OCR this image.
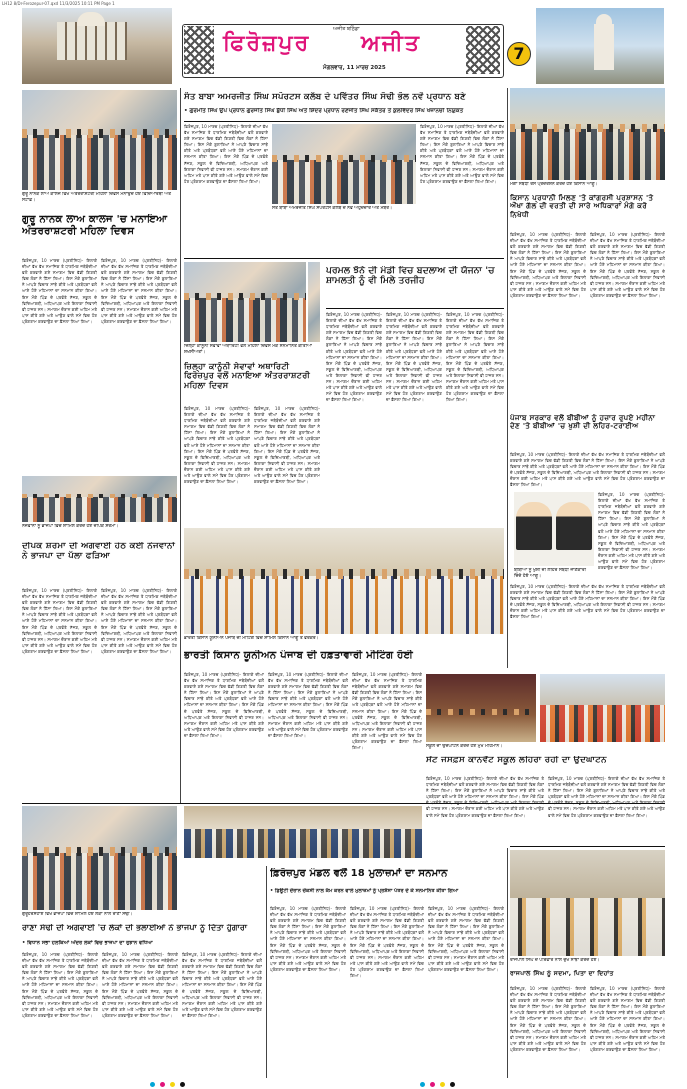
LH12 8/Dr-Ferozepur-07.qxd 11/3/2025 10:11 PM Page 1
ਅਜੀਤ ਬਠਿੰਡਾ
ਫਿਰੋਜ਼ਪੁਰ ਅਜੀਤ
ਮੰਗਲਵਾਰ, 11 ਮਾਰਚ 2025
7
ਗੁਰੂ ਨਾਨਕ ਲਾਅ ਕਾਲਜ ਵਿਖੇ ਅੰਤਰਰਾਸ਼ਟਰੀ ਮਹਿਲਾ ਦਿਵਸ ਮਨਾਉਂਦੇ ਹੋਏ ਵਿਦਿਆਰਥੀ ਅਤੇ ਸਟਾਫ਼।
ਗੁਰੂ ਨਾਨਕ ਲਾਅ ਕਾਲਜ 'ਚ ਮਨਾਇਆ ਅੰਤਰਰਾਸ਼ਟਰੀ ਮਹਿਲਾ ਦਿਵਸ
ਫ਼ਿਰੋਜ਼ਪੁਰ, 10 ਮਾਰਚ (ਪ੍ਰਤੀਨਿਧ)- ਇਲਾਕੇ ਦੀਆਂ ਵੱਖ ਵੱਖ ਸਮਾਜਿਕ ਤੇ ਧਾਰਮਿਕ ਜਥੇਬੰਦੀਆਂ ਵਲੋਂ ਕਰਵਾਏ ਗਏ ਸਮਾਗਮ ਵਿਚ ਵੱਡੀ ਗਿਣਤੀ ਵਿਚ ਲੋਕਾਂ ਨੇ ਹਿੱਸਾ ਲਿਆ। ਇਸ ਮੌਕੇ ਬੁਲਾਰਿਆਂ ਨੇ ਆਪਣੇ ਵਿਚਾਰ ਸਾਂਝੇ ਕੀਤੇ ਅਤੇ ਪ੍ਰਬੰਧਕਾਂ ਵਲੋਂ ਆਏ ਹੋਏ ਮਹਿਮਾਨਾਂ ਦਾ ਸਨਮਾਨ ਕੀਤਾ ਗਿਆ। ਇਸ ਮੌਕੇ ਪਿੰਡ ਦੇ ਪਤਵੰਤੇ ਸੱਜਣ, ਸਕੂਲ ਦੇ ਵਿਦਿਆਰਥੀ, ਅਧਿਆਪਕ ਅਤੇ ਇਲਾਕਾ ਨਿਵਾਸੀ ਵੀ ਹਾਜ਼ਰ ਸਨ। ਸਮਾਗਮ ਦੌਰਾਨ ਕਈ ਅਹਿਮ ਮਤੇ ਪਾਸ ਕੀਤੇ ਗਏ ਅਤੇ ਆਉਣ ਵਾਲੇ ਸਮੇਂ ਵਿਚ ਹੋਰ ਪ੍ਰੋਗਰਾਮ ਕਰਵਾਉਣ ਦਾ ਫ਼ੈਸਲਾ ਲਿਆ ਗਿਆ।
ਫ਼ਿਰੋਜ਼ਪੁਰ, 10 ਮਾਰਚ (ਪ੍ਰਤੀਨਿਧ)- ਇਲਾਕੇ ਦੀਆਂ ਵੱਖ ਵੱਖ ਸਮਾਜਿਕ ਤੇ ਧਾਰਮਿਕ ਜਥੇਬੰਦੀਆਂ ਵਲੋਂ ਕਰਵਾਏ ਗਏ ਸਮਾਗਮ ਵਿਚ ਵੱਡੀ ਗਿਣਤੀ ਵਿਚ ਲੋਕਾਂ ਨੇ ਹਿੱਸਾ ਲਿਆ। ਇਸ ਮੌਕੇ ਬੁਲਾਰਿਆਂ ਨੇ ਆਪਣੇ ਵਿਚਾਰ ਸਾਂਝੇ ਕੀਤੇ ਅਤੇ ਪ੍ਰਬੰਧਕਾਂ ਵਲੋਂ ਆਏ ਹੋਏ ਮਹਿਮਾਨਾਂ ਦਾ ਸਨਮਾਨ ਕੀਤਾ ਗਿਆ। ਇਸ ਮੌਕੇ ਪਿੰਡ ਦੇ ਪਤਵੰਤੇ ਸੱਜਣ, ਸਕੂਲ ਦੇ ਵਿਦਿਆਰਥੀ, ਅਧਿਆਪਕ ਅਤੇ ਇਲਾਕਾ ਨਿਵਾਸੀ ਵੀ ਹਾਜ਼ਰ ਸਨ। ਸਮਾਗਮ ਦੌਰਾਨ ਕਈ ਅਹਿਮ ਮਤੇ ਪਾਸ ਕੀਤੇ ਗਏ ਅਤੇ ਆਉਣ ਵਾਲੇ ਸਮੇਂ ਵਿਚ ਹੋਰ ਪ੍ਰੋਗਰਾਮ ਕਰਵਾਉਣ ਦਾ ਫ਼ੈਸਲਾ ਲਿਆ ਗਿਆ।
ਨੌਜਵਾਨਾਂ ਨੂੰ ਭਾਜਪਾ ਵਿਚ ਸ਼ਾਮਿਲ ਕਰਦੇ ਹੋਏ ਦੀਪਕ ਸ਼ਰਮਾ।
ਸੰਤ ਬਾਬਾ ਅਮਰਜੀਤ ਸਿੰਘ ਸਪੋਰਟਸ ਕਲੱਬ ਦੇ ਪਵਿੱਤਰ ਸਿੰਘ ਸੋਢੀ ਭੋਲ ਨਵੇਂ ਪ੍ਰਧਾਨ ਬਣੇ
• ਗੁਰਮੀਤ ਸਿੰਘ ਉਪ ਪ੍ਰਧਾਨ ਗੁਰਜੀਤ ਸਿੰਘ ਬੁੱਧੀ ਸਿੰਘ ਅਤੇ ਸ਼ਿੰਦਰ ਪ੍ਰਧਾਨ ਰਣਜੀਤ ਸਿੰਘ ਸਕੱਤਰ ਤੇ ਕੁਲਵਿੰਦਰ ਸਿੰਘ ਖਜ਼ਾਨਚੀ ਨਿਯੁਕਤ
ਫ਼ਿਰੋਜ਼ਪੁਰ, 10 ਮਾਰਚ (ਪ੍ਰਤੀਨਿਧ)- ਇਲਾਕੇ ਦੀਆਂ ਵੱਖ ਵੱਖ ਸਮਾਜਿਕ ਤੇ ਧਾਰਮਿਕ ਜਥੇਬੰਦੀਆਂ ਵਲੋਂ ਕਰਵਾਏ ਗਏ ਸਮਾਗਮ ਵਿਚ ਵੱਡੀ ਗਿਣਤੀ ਵਿਚ ਲੋਕਾਂ ਨੇ ਹਿੱਸਾ ਲਿਆ। ਇਸ ਮੌਕੇ ਬੁਲਾਰਿਆਂ ਨੇ ਆਪਣੇ ਵਿਚਾਰ ਸਾਂਝੇ ਕੀਤੇ ਅਤੇ ਪ੍ਰਬੰਧਕਾਂ ਵਲੋਂ ਆਏ ਹੋਏ ਮਹਿਮਾਨਾਂ ਦਾ ਸਨਮਾਨ ਕੀਤਾ ਗਿਆ। ਇਸ ਮੌਕੇ ਪਿੰਡ ਦੇ ਪਤਵੰਤੇ ਸੱਜਣ, ਸਕੂਲ ਦੇ ਵਿਦਿਆਰਥੀ, ਅਧਿਆਪਕ ਅਤੇ ਇਲਾਕਾ ਨਿਵਾਸੀ ਵੀ ਹਾਜ਼ਰ ਸਨ। ਸਮਾਗਮ ਦੌਰਾਨ ਕਈ ਅਹਿਮ ਮਤੇ ਪਾਸ ਕੀਤੇ ਗਏ ਅਤੇ ਆਉਣ ਵਾਲੇ ਸਮੇਂ ਵਿਚ ਹੋਰ ਪ੍ਰੋਗਰਾਮ ਕਰਵਾਉਣ ਦਾ ਫ਼ੈਸਲਾ ਲਿਆ ਗਿਆ।
ਸੰਤ ਬਾਬਾ ਅਮਰਜੀਤ ਸਿੰਘ ਸਪੋਰਟਸ ਕਲੱਬ ਦੇ ਨਵੇਂ ਅਹੁਦੇਦਾਰ ਅਤੇ ਮੈਂਬਰ।
ਫ਼ਿਰੋਜ਼ਪੁਰ, 10 ਮਾਰਚ (ਪ੍ਰਤੀਨਿਧ)- ਇਲਾਕੇ ਦੀਆਂ ਵੱਖ ਵੱਖ ਸਮਾਜਿਕ ਤੇ ਧਾਰਮਿਕ ਜਥੇਬੰਦੀਆਂ ਵਲੋਂ ਕਰਵਾਏ ਗਏ ਸਮਾਗਮ ਵਿਚ ਵੱਡੀ ਗਿਣਤੀ ਵਿਚ ਲੋਕਾਂ ਨੇ ਹਿੱਸਾ ਲਿਆ। ਇਸ ਮੌਕੇ ਬੁਲਾਰਿਆਂ ਨੇ ਆਪਣੇ ਵਿਚਾਰ ਸਾਂਝੇ ਕੀਤੇ ਅਤੇ ਪ੍ਰਬੰਧਕਾਂ ਵਲੋਂ ਆਏ ਹੋਏ ਮਹਿਮਾਨਾਂ ਦਾ ਸਨਮਾਨ ਕੀਤਾ ਗਿਆ। ਇਸ ਮੌਕੇ ਪਿੰਡ ਦੇ ਪਤਵੰਤੇ ਸੱਜਣ, ਸਕੂਲ ਦੇ ਵਿਦਿਆਰਥੀ, ਅਧਿਆਪਕ ਅਤੇ ਇਲਾਕਾ ਨਿਵਾਸੀ ਵੀ ਹਾਜ਼ਰ ਸਨ। ਸਮਾਗਮ ਦੌਰਾਨ ਕਈ ਅਹਿਮ ਮਤੇ ਪਾਸ ਕੀਤੇ ਗਏ ਅਤੇ ਆਉਣ ਵਾਲੇ ਸਮੇਂ ਵਿਚ ਹੋਰ ਪ੍ਰੋਗਰਾਮ ਕਰਵਾਉਣ ਦਾ ਫ਼ੈਸਲਾ ਲਿਆ ਗਿਆ।
ਮੰਗਾਂ ਸਬੰਧੀ ਰੋਸ ਪ੍ਰਦਰਸ਼ਨ ਕਰਦੇ ਹੋਏ ਕਿਸਾਨ ਆਗੂ।
ਕਿਸਾਨ ਪ੍ਰਧਾਨੀ ਮਿਲਣ 'ਤੇ ਕਾਂਗਰਸੀ ਪ੍ਰਸ਼ਾਸਨ 'ਤੇ ਔਖਾ ਗੱਲ ਦੀ ਵਰਤੀ ਦੀ ਸਾਰੇ ਅਧਿਕਾਰਾਂ ਮੰਗੇ ਕਰੋ ਨਿਖੇਧੀ
ਫ਼ਿਰੋਜ਼ਪੁਰ, 10 ਮਾਰਚ (ਪ੍ਰਤੀਨਿਧ)- ਇਲਾਕੇ ਦੀਆਂ ਵੱਖ ਵੱਖ ਸਮਾਜਿਕ ਤੇ ਧਾਰਮਿਕ ਜਥੇਬੰਦੀਆਂ ਵਲੋਂ ਕਰਵਾਏ ਗਏ ਸਮਾਗਮ ਵਿਚ ਵੱਡੀ ਗਿਣਤੀ ਵਿਚ ਲੋਕਾਂ ਨੇ ਹਿੱਸਾ ਲਿਆ। ਇਸ ਮੌਕੇ ਬੁਲਾਰਿਆਂ ਨੇ ਆਪਣੇ ਵਿਚਾਰ ਸਾਂਝੇ ਕੀਤੇ ਅਤੇ ਪ੍ਰਬੰਧਕਾਂ ਵਲੋਂ ਆਏ ਹੋਏ ਮਹਿਮਾਨਾਂ ਦਾ ਸਨਮਾਨ ਕੀਤਾ ਗਿਆ। ਇਸ ਮੌਕੇ ਪਿੰਡ ਦੇ ਪਤਵੰਤੇ ਸੱਜਣ, ਸਕੂਲ ਦੇ ਵਿਦਿਆਰਥੀ, ਅਧਿਆਪਕ ਅਤੇ ਇਲਾਕਾ ਨਿਵਾਸੀ ਵੀ ਹਾਜ਼ਰ ਸਨ। ਸਮਾਗਮ ਦੌਰਾਨ ਕਈ ਅਹਿਮ ਮਤੇ ਪਾਸ ਕੀਤੇ ਗਏ ਅਤੇ ਆਉਣ ਵਾਲੇ ਸਮੇਂ ਵਿਚ ਹੋਰ ਪ੍ਰੋਗਰਾਮ ਕਰਵਾਉਣ ਦਾ ਫ਼ੈਸਲਾ ਲਿਆ ਗਿਆ।
ਫ਼ਿਰੋਜ਼ਪੁਰ, 10 ਮਾਰਚ (ਪ੍ਰਤੀਨਿਧ)- ਇਲਾਕੇ ਦੀਆਂ ਵੱਖ ਵੱਖ ਸਮਾਜਿਕ ਤੇ ਧਾਰਮਿਕ ਜਥੇਬੰਦੀਆਂ ਵਲੋਂ ਕਰਵਾਏ ਗਏ ਸਮਾਗਮ ਵਿਚ ਵੱਡੀ ਗਿਣਤੀ ਵਿਚ ਲੋਕਾਂ ਨੇ ਹਿੱਸਾ ਲਿਆ। ਇਸ ਮੌਕੇ ਬੁਲਾਰਿਆਂ ਨੇ ਆਪਣੇ ਵਿਚਾਰ ਸਾਂਝੇ ਕੀਤੇ ਅਤੇ ਪ੍ਰਬੰਧਕਾਂ ਵਲੋਂ ਆਏ ਹੋਏ ਮਹਿਮਾਨਾਂ ਦਾ ਸਨਮਾਨ ਕੀਤਾ ਗਿਆ। ਇਸ ਮੌਕੇ ਪਿੰਡ ਦੇ ਪਤਵੰਤੇ ਸੱਜਣ, ਸਕੂਲ ਦੇ ਵਿਦਿਆਰਥੀ, ਅਧਿਆਪਕ ਅਤੇ ਇਲਾਕਾ ਨਿਵਾਸੀ ਵੀ ਹਾਜ਼ਰ ਸਨ। ਸਮਾਗਮ ਦੌਰਾਨ ਕਈ ਅਹਿਮ ਮਤੇ ਪਾਸ ਕੀਤੇ ਗਏ ਅਤੇ ਆਉਣ ਵਾਲੇ ਸਮੇਂ ਵਿਚ ਹੋਰ ਪ੍ਰੋਗਰਾਮ ਕਰਵਾਉਣ ਦਾ ਫ਼ੈਸਲਾ ਲਿਆ ਗਿਆ।
ਜ਼ਿਲ੍ਹਾ ਕਾਨੂੰਨੀ ਸੇਵਾਵਾਂ ਅਥਾਰਿਟੀ ਵਲੋਂ ਮਹਿਲਾ ਦਿਵਸ ਮੌਕੇ ਸਨਮਾਨਿਤ ਕੀਤੀਆਂ ਸ਼ਖਸੀਅਤਾਂ।
ਜ਼ਿਲ੍ਹਾ ਕਾਨੂੰਨੀ ਸੇਵਾਵਾਂ ਅਥਾਰਿਟੀ ਫਿਰੋਜ਼ਪੁਰ ਵਲੋਂ ਮਨਾਇਆ ਅੰਤਰਰਾਸ਼ਟਰੀ ਮਹਿਲਾ ਦਿਵਸ
ਫ਼ਿਰੋਜ਼ਪੁਰ, 10 ਮਾਰਚ (ਪ੍ਰਤੀਨਿਧ)- ਇਲਾਕੇ ਦੀਆਂ ਵੱਖ ਵੱਖ ਸਮਾਜਿਕ ਤੇ ਧਾਰਮਿਕ ਜਥੇਬੰਦੀਆਂ ਵਲੋਂ ਕਰਵਾਏ ਗਏ ਸਮਾਗਮ ਵਿਚ ਵੱਡੀ ਗਿਣਤੀ ਵਿਚ ਲੋਕਾਂ ਨੇ ਹਿੱਸਾ ਲਿਆ। ਇਸ ਮੌਕੇ ਬੁਲਾਰਿਆਂ ਨੇ ਆਪਣੇ ਵਿਚਾਰ ਸਾਂਝੇ ਕੀਤੇ ਅਤੇ ਪ੍ਰਬੰਧਕਾਂ ਵਲੋਂ ਆਏ ਹੋਏ ਮਹਿਮਾਨਾਂ ਦਾ ਸਨਮਾਨ ਕੀਤਾ ਗਿਆ। ਇਸ ਮੌਕੇ ਪਿੰਡ ਦੇ ਪਤਵੰਤੇ ਸੱਜਣ, ਸਕੂਲ ਦੇ ਵਿਦਿਆਰਥੀ, ਅਧਿਆਪਕ ਅਤੇ ਇਲਾਕਾ ਨਿਵਾਸੀ ਵੀ ਹਾਜ਼ਰ ਸਨ। ਸਮਾਗਮ ਦੌਰਾਨ ਕਈ ਅਹਿਮ ਮਤੇ ਪਾਸ ਕੀਤੇ ਗਏ ਅਤੇ ਆਉਣ ਵਾਲੇ ਸਮੇਂ ਵਿਚ ਹੋਰ ਪ੍ਰੋਗਰਾਮ ਕਰਵਾਉਣ ਦਾ ਫ਼ੈਸਲਾ ਲਿਆ ਗਿਆ।
ਫ਼ਿਰੋਜ਼ਪੁਰ, 10 ਮਾਰਚ (ਪ੍ਰਤੀਨਿਧ)- ਇਲਾਕੇ ਦੀਆਂ ਵੱਖ ਵੱਖ ਸਮਾਜਿਕ ਤੇ ਧਾਰਮਿਕ ਜਥੇਬੰਦੀਆਂ ਵਲੋਂ ਕਰਵਾਏ ਗਏ ਸਮਾਗਮ ਵਿਚ ਵੱਡੀ ਗਿਣਤੀ ਵਿਚ ਲੋਕਾਂ ਨੇ ਹਿੱਸਾ ਲਿਆ। ਇਸ ਮੌਕੇ ਬੁਲਾਰਿਆਂ ਨੇ ਆਪਣੇ ਵਿਚਾਰ ਸਾਂਝੇ ਕੀਤੇ ਅਤੇ ਪ੍ਰਬੰਧਕਾਂ ਵਲੋਂ ਆਏ ਹੋਏ ਮਹਿਮਾਨਾਂ ਦਾ ਸਨਮਾਨ ਕੀਤਾ ਗਿਆ। ਇਸ ਮੌਕੇ ਪਿੰਡ ਦੇ ਪਤਵੰਤੇ ਸੱਜਣ, ਸਕੂਲ ਦੇ ਵਿਦਿਆਰਥੀ, ਅਧਿਆਪਕ ਅਤੇ ਇਲਾਕਾ ਨਿਵਾਸੀ ਵੀ ਹਾਜ਼ਰ ਸਨ। ਸਮਾਗਮ ਦੌਰਾਨ ਕਈ ਅਹਿਮ ਮਤੇ ਪਾਸ ਕੀਤੇ ਗਏ ਅਤੇ ਆਉਣ ਵਾਲੇ ਸਮੇਂ ਵਿਚ ਹੋਰ ਪ੍ਰੋਗਰਾਮ ਕਰਵਾਉਣ ਦਾ ਫ਼ੈਸਲਾ ਲਿਆ ਗਿਆ।
ਪਰਮਲ ਝੋਨੇ ਦੀ ਮੰਡੀ ਵਿਚ ਬਦਲਾਅ ਦੀ ਯੋਜਨਾ 'ਚ ਸ਼ਾਮਲਤੀ ਨੂੰ ਵੀ ਮਿਲੇ ਤਰਜੀਹ
ਫ਼ਿਰੋਜ਼ਪੁਰ, 10 ਮਾਰਚ (ਪ੍ਰਤੀਨਿਧ)- ਇਲਾਕੇ ਦੀਆਂ ਵੱਖ ਵੱਖ ਸਮਾਜਿਕ ਤੇ ਧਾਰਮਿਕ ਜਥੇਬੰਦੀਆਂ ਵਲੋਂ ਕਰਵਾਏ ਗਏ ਸਮਾਗਮ ਵਿਚ ਵੱਡੀ ਗਿਣਤੀ ਵਿਚ ਲੋਕਾਂ ਨੇ ਹਿੱਸਾ ਲਿਆ। ਇਸ ਮੌਕੇ ਬੁਲਾਰਿਆਂ ਨੇ ਆਪਣੇ ਵਿਚਾਰ ਸਾਂਝੇ ਕੀਤੇ ਅਤੇ ਪ੍ਰਬੰਧਕਾਂ ਵਲੋਂ ਆਏ ਹੋਏ ਮਹਿਮਾਨਾਂ ਦਾ ਸਨਮਾਨ ਕੀਤਾ ਗਿਆ। ਇਸ ਮੌਕੇ ਪਿੰਡ ਦੇ ਪਤਵੰਤੇ ਸੱਜਣ, ਸਕੂਲ ਦੇ ਵਿਦਿਆਰਥੀ, ਅਧਿਆਪਕ ਅਤੇ ਇਲਾਕਾ ਨਿਵਾਸੀ ਵੀ ਹਾਜ਼ਰ ਸਨ। ਸਮਾਗਮ ਦੌਰਾਨ ਕਈ ਅਹਿਮ ਮਤੇ ਪਾਸ ਕੀਤੇ ਗਏ ਅਤੇ ਆਉਣ ਵਾਲੇ ਸਮੇਂ ਵਿਚ ਹੋਰ ਪ੍ਰੋਗਰਾਮ ਕਰਵਾਉਣ ਦਾ ਫ਼ੈਸਲਾ ਲਿਆ ਗਿਆ।
ਫ਼ਿਰੋਜ਼ਪੁਰ, 10 ਮਾਰਚ (ਪ੍ਰਤੀਨਿਧ)- ਇਲਾਕੇ ਦੀਆਂ ਵੱਖ ਵੱਖ ਸਮਾਜਿਕ ਤੇ ਧਾਰਮਿਕ ਜਥੇਬੰਦੀਆਂ ਵਲੋਂ ਕਰਵਾਏ ਗਏ ਸਮਾਗਮ ਵਿਚ ਵੱਡੀ ਗਿਣਤੀ ਵਿਚ ਲੋਕਾਂ ਨੇ ਹਿੱਸਾ ਲਿਆ। ਇਸ ਮੌਕੇ ਬੁਲਾਰਿਆਂ ਨੇ ਆਪਣੇ ਵਿਚਾਰ ਸਾਂਝੇ ਕੀਤੇ ਅਤੇ ਪ੍ਰਬੰਧਕਾਂ ਵਲੋਂ ਆਏ ਹੋਏ ਮਹਿਮਾਨਾਂ ਦਾ ਸਨਮਾਨ ਕੀਤਾ ਗਿਆ। ਇਸ ਮੌਕੇ ਪਿੰਡ ਦੇ ਪਤਵੰਤੇ ਸੱਜਣ, ਸਕੂਲ ਦੇ ਵਿਦਿਆਰਥੀ, ਅਧਿਆਪਕ ਅਤੇ ਇਲਾਕਾ ਨਿਵਾਸੀ ਵੀ ਹਾਜ਼ਰ ਸਨ। ਸਮਾਗਮ ਦੌਰਾਨ ਕਈ ਅਹਿਮ ਮਤੇ ਪਾਸ ਕੀਤੇ ਗਏ ਅਤੇ ਆਉਣ ਵਾਲੇ ਸਮੇਂ ਵਿਚ ਹੋਰ ਪ੍ਰੋਗਰਾਮ ਕਰਵਾਉਣ ਦਾ ਫ਼ੈਸਲਾ ਲਿਆ ਗਿਆ।
ਫ਼ਿਰੋਜ਼ਪੁਰ, 10 ਮਾਰਚ (ਪ੍ਰਤੀਨਿਧ)- ਇਲਾਕੇ ਦੀਆਂ ਵੱਖ ਵੱਖ ਸਮਾਜਿਕ ਤੇ ਧਾਰਮਿਕ ਜਥੇਬੰਦੀਆਂ ਵਲੋਂ ਕਰਵਾਏ ਗਏ ਸਮਾਗਮ ਵਿਚ ਵੱਡੀ ਗਿਣਤੀ ਵਿਚ ਲੋਕਾਂ ਨੇ ਹਿੱਸਾ ਲਿਆ। ਇਸ ਮੌਕੇ ਬੁਲਾਰਿਆਂ ਨੇ ਆਪਣੇ ਵਿਚਾਰ ਸਾਂਝੇ ਕੀਤੇ ਅਤੇ ਪ੍ਰਬੰਧਕਾਂ ਵਲੋਂ ਆਏ ਹੋਏ ਮਹਿਮਾਨਾਂ ਦਾ ਸਨਮਾਨ ਕੀਤਾ ਗਿਆ। ਇਸ ਮੌਕੇ ਪਿੰਡ ਦੇ ਪਤਵੰਤੇ ਸੱਜਣ, ਸਕੂਲ ਦੇ ਵਿਦਿਆਰਥੀ, ਅਧਿਆਪਕ ਅਤੇ ਇਲਾਕਾ ਨਿਵਾਸੀ ਵੀ ਹਾਜ਼ਰ ਸਨ। ਸਮਾਗਮ ਦੌਰਾਨ ਕਈ ਅਹਿਮ ਮਤੇ ਪਾਸ ਕੀਤੇ ਗਏ ਅਤੇ ਆਉਣ ਵਾਲੇ ਸਮੇਂ ਵਿਚ ਹੋਰ ਪ੍ਰੋਗਰਾਮ ਕਰਵਾਉਣ ਦਾ ਫ਼ੈਸਲਾ ਲਿਆ ਗਿਆ।
ਪੰਜਾਬ ਸਰਕਾਰ ਵਲੋਂ ਬੀਬੀਆਂ ਨੂੰ ਹਜ਼ਾਰ ਰੁਪਏ ਮਹੀਨਾ ਦੇਣ 'ਤੇ ਬੀਬੀਆਂ 'ਚ ਖੁਸ਼ੀ ਦੀ ਲਹਿਰ-ਟਰਾਈਅ
ਫ਼ਿਰੋਜ਼ਪੁਰ, 10 ਮਾਰਚ (ਪ੍ਰਤੀਨਿਧ)- ਇਲਾਕੇ ਦੀਆਂ ਵੱਖ ਵੱਖ ਸਮਾਜਿਕ ਤੇ ਧਾਰਮਿਕ ਜਥੇਬੰਦੀਆਂ ਵਲੋਂ ਕਰਵਾਏ ਗਏ ਸਮਾਗਮ ਵਿਚ ਵੱਡੀ ਗਿਣਤੀ ਵਿਚ ਲੋਕਾਂ ਨੇ ਹਿੱਸਾ ਲਿਆ। ਇਸ ਮੌਕੇ ਬੁਲਾਰਿਆਂ ਨੇ ਆਪਣੇ ਵਿਚਾਰ ਸਾਂਝੇ ਕੀਤੇ ਅਤੇ ਪ੍ਰਬੰਧਕਾਂ ਵਲੋਂ ਆਏ ਹੋਏ ਮਹਿਮਾਨਾਂ ਦਾ ਸਨਮਾਨ ਕੀਤਾ ਗਿਆ। ਇਸ ਮੌਕੇ ਪਿੰਡ ਦੇ ਪਤਵੰਤੇ ਸੱਜਣ, ਸਕੂਲ ਦੇ ਵਿਦਿਆਰਥੀ, ਅਧਿਆਪਕ ਅਤੇ ਇਲਾਕਾ ਨਿਵਾਸੀ ਵੀ ਹਾਜ਼ਰ ਸਨ। ਸਮਾਗਮ ਦੌਰਾਨ ਕਈ ਅਹਿਮ ਮਤੇ ਪਾਸ ਕੀਤੇ ਗਏ ਅਤੇ ਆਉਣ ਵਾਲੇ ਸਮੇਂ ਵਿਚ ਹੋਰ ਪ੍ਰੋਗਰਾਮ ਕਰਵਾਉਣ ਦਾ ਫ਼ੈਸਲਾ ਲਿਆ ਗਿਆ।
ਫ਼ਿਰੋਜ਼ਪੁਰ, 10 ਮਾਰਚ (ਪ੍ਰਤੀਨਿਧ)- ਇਲਾਕੇ ਦੀਆਂ ਵੱਖ ਵੱਖ ਸਮਾਜਿਕ ਤੇ ਧਾਰਮਿਕ ਜਥੇਬੰਦੀਆਂ ਵਲੋਂ ਕਰਵਾਏ ਗਏ ਸਮਾਗਮ ਵਿਚ ਵੱਡੀ ਗਿਣਤੀ ਵਿਚ ਲੋਕਾਂ ਨੇ ਹਿੱਸਾ ਲਿਆ। ਇਸ ਮੌਕੇ ਬੁਲਾਰਿਆਂ ਨੇ ਆਪਣੇ ਵਿਚਾਰ ਸਾਂਝੇ ਕੀਤੇ ਅਤੇ ਪ੍ਰਬੰਧਕਾਂ ਵਲੋਂ ਆਏ ਹੋਏ ਮਹਿਮਾਨਾਂ ਦਾ ਸਨਮਾਨ ਕੀਤਾ ਗਿਆ। ਇਸ ਮੌਕੇ ਪਿੰਡ ਦੇ ਪਤਵੰਤੇ ਸੱਜਣ, ਸਕੂਲ ਦੇ ਵਿਦਿਆਰਥੀ, ਅਧਿਆਪਕ ਅਤੇ ਇਲਾਕਾ ਨਿਵਾਸੀ ਵੀ ਹਾਜ਼ਰ ਸਨ। ਸਮਾਗਮ ਦੌਰਾਨ ਕਈ ਅਹਿਮ ਮਤੇ ਪਾਸ ਕੀਤੇ ਗਏ ਅਤੇ ਆਉਣ ਵਾਲੇ ਸਮੇਂ ਵਿਚ ਹੋਰ ਪ੍ਰੋਗਰਾਮ ਕਰਵਾਉਣ ਦਾ ਫ਼ੈਸਲਾ ਲਿਆ ਗਿਆ।
ਬੀਬੀਆਂ ਨੂੰ ਖੁਸ਼ੀ ਦੀ ਲਹਿਰ ਸਬੰਧੀ ਜਾਣਕਾਰੀ ਦਿੰਦੇ ਹੋਏ ਆਗੂ।
ਫ਼ਿਰੋਜ਼ਪੁਰ, 10 ਮਾਰਚ (ਪ੍ਰਤੀਨਿਧ)- ਇਲਾਕੇ ਦੀਆਂ ਵੱਖ ਵੱਖ ਸਮਾਜਿਕ ਤੇ ਧਾਰਮਿਕ ਜਥੇਬੰਦੀਆਂ ਵਲੋਂ ਕਰਵਾਏ ਗਏ ਸਮਾਗਮ ਵਿਚ ਵੱਡੀ ਗਿਣਤੀ ਵਿਚ ਲੋਕਾਂ ਨੇ ਹਿੱਸਾ ਲਿਆ। ਇਸ ਮੌਕੇ ਬੁਲਾਰਿਆਂ ਨੇ ਆਪਣੇ ਵਿਚਾਰ ਸਾਂਝੇ ਕੀਤੇ ਅਤੇ ਪ੍ਰਬੰਧਕਾਂ ਵਲੋਂ ਆਏ ਹੋਏ ਮਹਿਮਾਨਾਂ ਦਾ ਸਨਮਾਨ ਕੀਤਾ ਗਿਆ। ਇਸ ਮੌਕੇ ਪਿੰਡ ਦੇ ਪਤਵੰਤੇ ਸੱਜਣ, ਸਕੂਲ ਦੇ ਵਿਦਿਆਰਥੀ, ਅਧਿਆਪਕ ਅਤੇ ਇਲਾਕਾ ਨਿਵਾਸੀ ਵੀ ਹਾਜ਼ਰ ਸਨ। ਸਮਾਗਮ ਦੌਰਾਨ ਕਈ ਅਹਿਮ ਮਤੇ ਪਾਸ ਕੀਤੇ ਗਏ ਅਤੇ ਆਉਣ ਵਾਲੇ ਸਮੇਂ ਵਿਚ ਹੋਰ ਪ੍ਰੋਗਰਾਮ ਕਰਵਾਉਣ ਦਾ ਫ਼ੈਸਲਾ ਲਿਆ ਗਿਆ।
ਦੀਪਕ ਸ਼ਰਮਾ ਦੀ ਅਗਵਾਈ ਹੇਠ ਕਈ ਨੌਜਵਾਨਾਂ ਨੇ ਭਾਜਪਾ ਦਾ ਪੱਲਾ ਫੜਿਆ
ਫ਼ਿਰੋਜ਼ਪੁਰ, 10 ਮਾਰਚ (ਪ੍ਰਤੀਨਿਧ)- ਇਲਾਕੇ ਦੀਆਂ ਵੱਖ ਵੱਖ ਸਮਾਜਿਕ ਤੇ ਧਾਰਮਿਕ ਜਥੇਬੰਦੀਆਂ ਵਲੋਂ ਕਰਵਾਏ ਗਏ ਸਮਾਗਮ ਵਿਚ ਵੱਡੀ ਗਿਣਤੀ ਵਿਚ ਲੋਕਾਂ ਨੇ ਹਿੱਸਾ ਲਿਆ। ਇਸ ਮੌਕੇ ਬੁਲਾਰਿਆਂ ਨੇ ਆਪਣੇ ਵਿਚਾਰ ਸਾਂਝੇ ਕੀਤੇ ਅਤੇ ਪ੍ਰਬੰਧਕਾਂ ਵਲੋਂ ਆਏ ਹੋਏ ਮਹਿਮਾਨਾਂ ਦਾ ਸਨਮਾਨ ਕੀਤਾ ਗਿਆ। ਇਸ ਮੌਕੇ ਪਿੰਡ ਦੇ ਪਤਵੰਤੇ ਸੱਜਣ, ਸਕੂਲ ਦੇ ਵਿਦਿਆਰਥੀ, ਅਧਿਆਪਕ ਅਤੇ ਇਲਾਕਾ ਨਿਵਾਸੀ ਵੀ ਹਾਜ਼ਰ ਸਨ। ਸਮਾਗਮ ਦੌਰਾਨ ਕਈ ਅਹਿਮ ਮਤੇ ਪਾਸ ਕੀਤੇ ਗਏ ਅਤੇ ਆਉਣ ਵਾਲੇ ਸਮੇਂ ਵਿਚ ਹੋਰ ਪ੍ਰੋਗਰਾਮ ਕਰਵਾਉਣ ਦਾ ਫ਼ੈਸਲਾ ਲਿਆ ਗਿਆ।
ਫ਼ਿਰੋਜ਼ਪੁਰ, 10 ਮਾਰਚ (ਪ੍ਰਤੀਨਿਧ)- ਇਲਾਕੇ ਦੀਆਂ ਵੱਖ ਵੱਖ ਸਮਾਜਿਕ ਤੇ ਧਾਰਮਿਕ ਜਥੇਬੰਦੀਆਂ ਵਲੋਂ ਕਰਵਾਏ ਗਏ ਸਮਾਗਮ ਵਿਚ ਵੱਡੀ ਗਿਣਤੀ ਵਿਚ ਲੋਕਾਂ ਨੇ ਹਿੱਸਾ ਲਿਆ। ਇਸ ਮੌਕੇ ਬੁਲਾਰਿਆਂ ਨੇ ਆਪਣੇ ਵਿਚਾਰ ਸਾਂਝੇ ਕੀਤੇ ਅਤੇ ਪ੍ਰਬੰਧਕਾਂ ਵਲੋਂ ਆਏ ਹੋਏ ਮਹਿਮਾਨਾਂ ਦਾ ਸਨਮਾਨ ਕੀਤਾ ਗਿਆ। ਇਸ ਮੌਕੇ ਪਿੰਡ ਦੇ ਪਤਵੰਤੇ ਸੱਜਣ, ਸਕੂਲ ਦੇ ਵਿਦਿਆਰਥੀ, ਅਧਿਆਪਕ ਅਤੇ ਇਲਾਕਾ ਨਿਵਾਸੀ ਵੀ ਹਾਜ਼ਰ ਸਨ। ਸਮਾਗਮ ਦੌਰਾਨ ਕਈ ਅਹਿਮ ਮਤੇ ਪਾਸ ਕੀਤੇ ਗਏ ਅਤੇ ਆਉਣ ਵਾਲੇ ਸਮੇਂ ਵਿਚ ਹੋਰ ਪ੍ਰੋਗਰਾਮ ਕਰਵਾਉਣ ਦਾ ਫ਼ੈਸਲਾ ਲਿਆ ਗਿਆ।
ਭਾਰਤੀ ਕਿਸਾਨ ਯੂਨੀਅਨ ਪੰਜਾਬ ਦੀ ਮੀਟਿੰਗ ਵਿਚ ਸ਼ਾਮਿਲ ਕਿਸਾਨ ਆਗੂ ਤੇ ਵਰਕਰ।
ਭਾਰਤੀ ਕਿਸਾਨ ਯੂਨੀਅਨ ਪੰਜਾਬ ਦੀ ਹਫ਼ਤਾਵਾਰੀ ਮੀਟਿੰਗ ਹੋਈ
ਫ਼ਿਰੋਜ਼ਪੁਰ, 10 ਮਾਰਚ (ਪ੍ਰਤੀਨਿਧ)- ਇਲਾਕੇ ਦੀਆਂ ਵੱਖ ਵੱਖ ਸਮਾਜਿਕ ਤੇ ਧਾਰਮਿਕ ਜਥੇਬੰਦੀਆਂ ਵਲੋਂ ਕਰਵਾਏ ਗਏ ਸਮਾਗਮ ਵਿਚ ਵੱਡੀ ਗਿਣਤੀ ਵਿਚ ਲੋਕਾਂ ਨੇ ਹਿੱਸਾ ਲਿਆ। ਇਸ ਮੌਕੇ ਬੁਲਾਰਿਆਂ ਨੇ ਆਪਣੇ ਵਿਚਾਰ ਸਾਂਝੇ ਕੀਤੇ ਅਤੇ ਪ੍ਰਬੰਧਕਾਂ ਵਲੋਂ ਆਏ ਹੋਏ ਮਹਿਮਾਨਾਂ ਦਾ ਸਨਮਾਨ ਕੀਤਾ ਗਿਆ। ਇਸ ਮੌਕੇ ਪਿੰਡ ਦੇ ਪਤਵੰਤੇ ਸੱਜਣ, ਸਕੂਲ ਦੇ ਵਿਦਿਆਰਥੀ, ਅਧਿਆਪਕ ਅਤੇ ਇਲਾਕਾ ਨਿਵਾਸੀ ਵੀ ਹਾਜ਼ਰ ਸਨ। ਸਮਾਗਮ ਦੌਰਾਨ ਕਈ ਅਹਿਮ ਮਤੇ ਪਾਸ ਕੀਤੇ ਗਏ ਅਤੇ ਆਉਣ ਵਾਲੇ ਸਮੇਂ ਵਿਚ ਹੋਰ ਪ੍ਰੋਗਰਾਮ ਕਰਵਾਉਣ ਦਾ ਫ਼ੈਸਲਾ ਲਿਆ ਗਿਆ।
ਫ਼ਿਰੋਜ਼ਪੁਰ, 10 ਮਾਰਚ (ਪ੍ਰਤੀਨਿਧ)- ਇਲਾਕੇ ਦੀਆਂ ਵੱਖ ਵੱਖ ਸਮਾਜਿਕ ਤੇ ਧਾਰਮਿਕ ਜਥੇਬੰਦੀਆਂ ਵਲੋਂ ਕਰਵਾਏ ਗਏ ਸਮਾਗਮ ਵਿਚ ਵੱਡੀ ਗਿਣਤੀ ਵਿਚ ਲੋਕਾਂ ਨੇ ਹਿੱਸਾ ਲਿਆ। ਇਸ ਮੌਕੇ ਬੁਲਾਰਿਆਂ ਨੇ ਆਪਣੇ ਵਿਚਾਰ ਸਾਂਝੇ ਕੀਤੇ ਅਤੇ ਪ੍ਰਬੰਧਕਾਂ ਵਲੋਂ ਆਏ ਹੋਏ ਮਹਿਮਾਨਾਂ ਦਾ ਸਨਮਾਨ ਕੀਤਾ ਗਿਆ। ਇਸ ਮੌਕੇ ਪਿੰਡ ਦੇ ਪਤਵੰਤੇ ਸੱਜਣ, ਸਕੂਲ ਦੇ ਵਿਦਿਆਰਥੀ, ਅਧਿਆਪਕ ਅਤੇ ਇਲਾਕਾ ਨਿਵਾਸੀ ਵੀ ਹਾਜ਼ਰ ਸਨ। ਸਮਾਗਮ ਦੌਰਾਨ ਕਈ ਅਹਿਮ ਮਤੇ ਪਾਸ ਕੀਤੇ ਗਏ ਅਤੇ ਆਉਣ ਵਾਲੇ ਸਮੇਂ ਵਿਚ ਹੋਰ ਪ੍ਰੋਗਰਾਮ ਕਰਵਾਉਣ ਦਾ ਫ਼ੈਸਲਾ ਲਿਆ ਗਿਆ।
ਫ਼ਿਰੋਜ਼ਪੁਰ, 10 ਮਾਰਚ (ਪ੍ਰਤੀਨਿਧ)- ਇਲਾਕੇ ਦੀਆਂ ਵੱਖ ਵੱਖ ਸਮਾਜਿਕ ਤੇ ਧਾਰਮਿਕ ਜਥੇਬੰਦੀਆਂ ਵਲੋਂ ਕਰਵਾਏ ਗਏ ਸਮਾਗਮ ਵਿਚ ਵੱਡੀ ਗਿਣਤੀ ਵਿਚ ਲੋਕਾਂ ਨੇ ਹਿੱਸਾ ਲਿਆ। ਇਸ ਮੌਕੇ ਬੁਲਾਰਿਆਂ ਨੇ ਆਪਣੇ ਵਿਚਾਰ ਸਾਂਝੇ ਕੀਤੇ ਅਤੇ ਪ੍ਰਬੰਧਕਾਂ ਵਲੋਂ ਆਏ ਹੋਏ ਮਹਿਮਾਨਾਂ ਦਾ ਸਨਮਾਨ ਕੀਤਾ ਗਿਆ। ਇਸ ਮੌਕੇ ਪਿੰਡ ਦੇ ਪਤਵੰਤੇ ਸੱਜਣ, ਸਕੂਲ ਦੇ ਵਿਦਿਆਰਥੀ, ਅਧਿਆਪਕ ਅਤੇ ਇਲਾਕਾ ਨਿਵਾਸੀ ਵੀ ਹਾਜ਼ਰ ਸਨ। ਸਮਾਗਮ ਦੌਰਾਨ ਕਈ ਅਹਿਮ ਮਤੇ ਪਾਸ ਕੀਤੇ ਗਏ ਅਤੇ ਆਉਣ ਵਾਲੇ ਸਮੇਂ ਵਿਚ ਹੋਰ ਪ੍ਰੋਗਰਾਮ ਕਰਵਾਉਣ ਦਾ ਫ਼ੈਸਲਾ ਲਿਆ ਗਿਆ।	ਸਕੂਲ ਦਾ ਉਦਘਾਟਨ ਕਰਦੇ ਹੋਏ ਮੁੱਖ ਮਹਿਮਾਨ।
ਸੇਂਟ ਜੋਸਫ਼ਸ ਕਾਨਵੈਂਟ ਸਕੂਲ ਲਹਿਰਾ ਰੋਹੀ ਦਾ ਉਦਘਾਟਨ
ਫ਼ਿਰੋਜ਼ਪੁਰ, 10 ਮਾਰਚ (ਪ੍ਰਤੀਨਿਧ)- ਇਲਾਕੇ ਦੀਆਂ ਵੱਖ ਵੱਖ ਸਮਾਜਿਕ ਤੇ ਧਾਰਮਿਕ ਜਥੇਬੰਦੀਆਂ ਵਲੋਂ ਕਰਵਾਏ ਗਏ ਸਮਾਗਮ ਵਿਚ ਵੱਡੀ ਗਿਣਤੀ ਵਿਚ ਲੋਕਾਂ ਨੇ ਹਿੱਸਾ ਲਿਆ। ਇਸ ਮੌਕੇ ਬੁਲਾਰਿਆਂ ਨੇ ਆਪਣੇ ਵਿਚਾਰ ਸਾਂਝੇ ਕੀਤੇ ਅਤੇ ਪ੍ਰਬੰਧਕਾਂ ਵਲੋਂ ਆਏ ਹੋਏ ਮਹਿਮਾਨਾਂ ਦਾ ਸਨਮਾਨ ਕੀਤਾ ਗਿਆ। ਇਸ ਮੌਕੇ ਪਿੰਡ ਵੀ ਹਾਜ਼ਰ ਸਨ। ਸਮਾਗਮ ਦੌਰਾਨ ਕਈ ਅਹਿਮ ਮਤੇ ਪਾਸ ਕੀਤੇ ਗਏ ਅਤੇ ਆਉਣ ਵਾਲੇ ਸਮੇਂ ਵਿਚ ਹੋਰ ਪ੍ਰੋਗਰਾਮ ਕਰਵਾਉਣ ਦਾ ਫ਼ੈਸਲਾ ਲਿਆ ਗਿਆ।
ਫ਼ਿਰੋਜ਼ਪੁਰ, 10 ਮਾਰਚ (ਪ੍ਰਤੀਨਿਧ)- ਇਲਾਕੇ ਦੀਆਂ ਵੱਖ ਵੱਖ ਸਮਾਜਿਕ ਤੇ ਧਾਰਮਿਕ ਜਥੇਬੰਦੀਆਂ ਵਲੋਂ ਕਰਵਾਏ ਗਏ ਸਮਾਗਮ ਵਿਚ ਵੱਡੀ ਗਿਣਤੀ ਵਿਚ ਲੋਕਾਂ ਨੇ ਹਿੱਸਾ ਲਿਆ। ਇਸ ਮੌਕੇ ਬੁਲਾਰਿਆਂ ਨੇ ਆਪਣੇ ਵਿਚਾਰ ਸਾਂਝੇ ਕੀਤੇ ਅਤੇ ਪ੍ਰਬੰਧਕਾਂ ਵਲੋਂ ਆਏ ਹੋਏ ਮਹਿਮਾਨਾਂ ਦਾ ਸਨਮਾਨ ਕੀਤਾ ਗਿਆ। ਇਸ ਮੌਕੇ ਪਿੰਡ ਵੀ ਹਾਜ਼ਰ ਸਨ। ਸਮਾਗਮ ਦੌਰਾਨ ਕਈ ਅਹਿਮ ਮਤੇ ਪਾਸ ਕੀਤੇ ਗਏ ਅਤੇ ਆਉਣ ਵਾਲੇ ਸਮੇਂ ਵਿਚ ਹੋਰ ਪ੍ਰੋਗਰਾਮ ਕਰਵਾਉਣ ਦਾ ਫ਼ੈਸਲਾ ਲਿਆ ਗਿਆ।
ਗੁਰੂਹਰਸਹਾਏ ਵਿਖੇ ਭਾਜਪਾ ਵਿਚ ਸ਼ਾਮਿਲ ਹੋਏ ਲੋਕਾਂ ਨਾਲ ਰਾਣਾ ਸੋਢੀ।
ਰਾਣਾ ਸੋਢੀ ਦੀ ਅਗਵਾਈ 'ਚ ਲੋਕਾਂ ਦੀ ਭਲਾਈਆਂ ਨੇ ਭਾਜਪਾ ਨੂੰ ਦਿੱਤਾ ਹੁੰਗਾਰਾ
• ਵਿਧਾਨ ਸਭਾ ਹਲਕਿਆਂ ਅੰਦਰ ਲੋਕਾਂ ਵਿਚ ਭਾਜਪਾ ਦਾ ਰੁਝਾਨ ਵਧਿਆ
ਫ਼ਿਰੋਜ਼ਪੁਰ, 10 ਮਾਰਚ (ਪ੍ਰਤੀਨਿਧ)- ਇਲਾਕੇ ਦੀਆਂ ਵੱਖ ਵੱਖ ਸਮਾਜਿਕ ਤੇ ਧਾਰਮਿਕ ਜਥੇਬੰਦੀਆਂ ਵਲੋਂ ਕਰਵਾਏ ਗਏ ਸਮਾਗਮ ਵਿਚ ਵੱਡੀ ਗਿਣਤੀ ਵਿਚ ਲੋਕਾਂ ਨੇ ਹਿੱਸਾ ਲਿਆ। ਇਸ ਮੌਕੇ ਬੁਲਾਰਿਆਂ ਨੇ ਆਪਣੇ ਵਿਚਾਰ ਸਾਂਝੇ ਕੀਤੇ ਅਤੇ ਪ੍ਰਬੰਧਕਾਂ ਵਲੋਂ ਆਏ ਹੋਏ ਮਹਿਮਾਨਾਂ ਦਾ ਸਨਮਾਨ ਕੀਤਾ ਗਿਆ। ਇਸ ਮੌਕੇ ਪਿੰਡ ਦੇ ਪਤਵੰਤੇ ਸੱਜਣ, ਸਕੂਲ ਦੇ ਵਿਦਿਆਰਥੀ, ਅਧਿਆਪਕ ਅਤੇ ਇਲਾਕਾ ਨਿਵਾਸੀ ਵੀ ਹਾਜ਼ਰ ਸਨ। ਸਮਾਗਮ ਦੌਰਾਨ ਕਈ ਅਹਿਮ ਮਤੇ ਪਾਸ ਕੀਤੇ ਗਏ ਅਤੇ ਆਉਣ ਵਾਲੇ ਸਮੇਂ ਵਿਚ ਹੋਰ ਪ੍ਰੋਗਰਾਮ ਕਰਵਾਉਣ ਦਾ ਫ਼ੈਸਲਾ ਲਿਆ ਗਿਆ।
ਫ਼ਿਰੋਜ਼ਪੁਰ, 10 ਮਾਰਚ (ਪ੍ਰਤੀਨਿਧ)- ਇਲਾਕੇ ਦੀਆਂ ਵੱਖ ਵੱਖ ਸਮਾਜਿਕ ਤੇ ਧਾਰਮਿਕ ਜਥੇਬੰਦੀਆਂ ਵਲੋਂ ਕਰਵਾਏ ਗਏ ਸਮਾਗਮ ਵਿਚ ਵੱਡੀ ਗਿਣਤੀ ਵਿਚ ਲੋਕਾਂ ਨੇ ਹਿੱਸਾ ਲਿਆ। ਇਸ ਮੌਕੇ ਬੁਲਾਰਿਆਂ ਨੇ ਆਪਣੇ ਵਿਚਾਰ ਸਾਂਝੇ ਕੀਤੇ ਅਤੇ ਪ੍ਰਬੰਧਕਾਂ ਵਲੋਂ ਆਏ ਹੋਏ ਮਹਿਮਾਨਾਂ ਦਾ ਸਨਮਾਨ ਕੀਤਾ ਗਿਆ। ਇਸ ਮੌਕੇ ਪਿੰਡ ਦੇ ਪਤਵੰਤੇ ਸੱਜਣ, ਸਕੂਲ ਦੇ ਵਿਦਿਆਰਥੀ, ਅਧਿਆਪਕ ਅਤੇ ਇਲਾਕਾ ਨਿਵਾਸੀ ਵੀ ਹਾਜ਼ਰ ਸਨ। ਸਮਾਗਮ ਦੌਰਾਨ ਕਈ ਅਹਿਮ ਮਤੇ ਪਾਸ ਕੀਤੇ ਗਏ ਅਤੇ ਆਉਣ ਵਾਲੇ ਸਮੇਂ ਵਿਚ ਹੋਰ ਪ੍ਰੋਗਰਾਮ ਕਰਵਾਉਣ ਦਾ ਫ਼ੈਸਲਾ ਲਿਆ ਗਿਆ।
ਫ਼ਿਰੋਜ਼ਪੁਰ, 10 ਮਾਰਚ (ਪ੍ਰਤੀਨਿਧ)- ਇਲਾਕੇ ਦੀਆਂ ਵੱਖ ਵੱਖ ਸਮਾਜਿਕ ਤੇ ਧਾਰਮਿਕ ਜਥੇਬੰਦੀਆਂ ਵਲੋਂ ਕਰਵਾਏ ਗਏ ਸਮਾਗਮ ਵਿਚ ਵੱਡੀ ਗਿਣਤੀ ਵਿਚ ਲੋਕਾਂ ਨੇ ਹਿੱਸਾ ਲਿਆ। ਇਸ ਮੌਕੇ ਬੁਲਾਰਿਆਂ ਨੇ ਆਪਣੇ ਵਿਚਾਰ ਸਾਂਝੇ ਕੀਤੇ ਅਤੇ ਪ੍ਰਬੰਧਕਾਂ ਵਲੋਂ ਆਏ ਹੋਏ ਮਹਿਮਾਨਾਂ ਦਾ ਸਨਮਾਨ ਕੀਤਾ ਗਿਆ। ਇਸ ਮੌਕੇ ਪਿੰਡ ਦੇ ਪਤਵੰਤੇ ਸੱਜਣ, ਸਕੂਲ ਦੇ ਵਿਦਿਆਰਥੀ, ਅਧਿਆਪਕ ਅਤੇ ਇਲਾਕਾ ਨਿਵਾਸੀ ਵੀ ਹਾਜ਼ਰ ਸਨ। ਸਮਾਗਮ ਦੌਰਾਨ ਕਈ ਅਹਿਮ ਮਤੇ ਪਾਸ ਕੀਤੇ ਗਏ ਅਤੇ ਆਉਣ ਵਾਲੇ ਸਮੇਂ ਵਿਚ ਹੋਰ ਪ੍ਰੋਗਰਾਮ ਕਰਵਾਉਣ ਦਾ ਫ਼ੈਸਲਾ ਲਿਆ ਗਿਆ।
ਫ਼ਿਰੋਜ਼ਪੁਰ ਮੰਡਲ ਵਲੋਂ 18 ਮੁਲਾਜ਼ਮਾਂ ਦਾ ਸਨਮਾਨ
• ਡਿਊਟੀ ਦੌਰਾਨ ਚੌਕਸੀ ਨਾਲ ਕੰਮ ਕਰਨ ਵਾਲੇ ਮੁਲਾਜ਼ਮਾਂ ਨੂੰ ਪ੍ਰਸ਼ੰਸਾ ਪੱਤਰ ਦੇ ਕੇ ਸਨਮਾਨਿਤ ਕੀਤਾ ਗਿਆ
ਫ਼ਿਰੋਜ਼ਪੁਰ, 10 ਮਾਰਚ (ਪ੍ਰਤੀਨਿਧ)- ਇਲਾਕੇ ਦੀਆਂ ਵੱਖ ਵੱਖ ਸਮਾਜਿਕ ਤੇ ਧਾਰਮਿਕ ਜਥੇਬੰਦੀਆਂ ਵਲੋਂ ਕਰਵਾਏ ਗਏ ਸਮਾਗਮ ਵਿਚ ਵੱਡੀ ਗਿਣਤੀ ਵਿਚ ਲੋਕਾਂ ਨੇ ਹਿੱਸਾ ਲਿਆ। ਇਸ ਮੌਕੇ ਬੁਲਾਰਿਆਂ ਨੇ ਆਪਣੇ ਵਿਚਾਰ ਸਾਂਝੇ ਕੀਤੇ ਅਤੇ ਪ੍ਰਬੰਧਕਾਂ ਵਲੋਂ ਆਏ ਹੋਏ ਮਹਿਮਾਨਾਂ ਦਾ ਸਨਮਾਨ ਕੀਤਾ ਗਿਆ। ਇਸ ਮੌਕੇ ਪਿੰਡ ਦੇ ਪਤਵੰਤੇ ਸੱਜਣ, ਸਕੂਲ ਦੇ ਵਿਦਿਆਰਥੀ, ਅਧਿਆਪਕ ਅਤੇ ਇਲਾਕਾ ਨਿਵਾਸੀ ਵੀ ਹਾਜ਼ਰ ਸਨ। ਸਮਾਗਮ ਦੌਰਾਨ ਕਈ ਅਹਿਮ ਮਤੇ ਪਾਸ ਕੀਤੇ ਗਏ ਅਤੇ ਆਉਣ ਵਾਲੇ ਸਮੇਂ ਵਿਚ ਹੋਰ ਪ੍ਰੋਗਰਾਮ ਕਰਵਾਉਣ ਦਾ ਫ਼ੈਸਲਾ ਲਿਆ ਗਿਆ।
ਫ਼ਿਰੋਜ਼ਪੁਰ, 10 ਮਾਰਚ (ਪ੍ਰਤੀਨਿਧ)- ਇਲਾਕੇ ਦੀਆਂ ਵੱਖ ਵੱਖ ਸਮਾਜਿਕ ਤੇ ਧਾਰਮਿਕ ਜਥੇਬੰਦੀਆਂ ਵਲੋਂ ਕਰਵਾਏ ਗਏ ਸਮਾਗਮ ਵਿਚ ਵੱਡੀ ਗਿਣਤੀ ਵਿਚ ਲੋਕਾਂ ਨੇ ਹਿੱਸਾ ਲਿਆ। ਇਸ ਮੌਕੇ ਬੁਲਾਰਿਆਂ ਨੇ ਆਪਣੇ ਵਿਚਾਰ ਸਾਂਝੇ ਕੀਤੇ ਅਤੇ ਪ੍ਰਬੰਧਕਾਂ ਵਲੋਂ ਆਏ ਹੋਏ ਮਹਿਮਾਨਾਂ ਦਾ ਸਨਮਾਨ ਕੀਤਾ ਗਿਆ। ਇਸ ਮੌਕੇ ਪਿੰਡ ਦੇ ਪਤਵੰਤੇ ਸੱਜਣ, ਸਕੂਲ ਦੇ ਵਿਦਿਆਰਥੀ, ਅਧਿਆਪਕ ਅਤੇ ਇਲਾਕਾ ਨਿਵਾਸੀ ਵੀ ਹਾਜ਼ਰ ਸਨ। ਸਮਾਗਮ ਦੌਰਾਨ ਕਈ ਅਹਿਮ ਮਤੇ ਪਾਸ ਕੀਤੇ ਗਏ ਅਤੇ ਆਉਣ ਵਾਲੇ ਸਮੇਂ ਵਿਚ ਹੋਰ ਪ੍ਰੋਗਰਾਮ ਕਰਵਾਉਣ ਦਾ ਫ਼ੈਸਲਾ ਲਿਆ ਗਿਆ।
ਫ਼ਿਰੋਜ਼ਪੁਰ, 10 ਮਾਰਚ (ਪ੍ਰਤੀਨਿਧ)- ਇਲਾਕੇ ਦੀਆਂ ਵੱਖ ਵੱਖ ਸਮਾਜਿਕ ਤੇ ਧਾਰਮਿਕ ਜਥੇਬੰਦੀਆਂ ਵਲੋਂ ਕਰਵਾਏ ਗਏ ਸਮਾਗਮ ਵਿਚ ਵੱਡੀ ਗਿਣਤੀ ਵਿਚ ਲੋਕਾਂ ਨੇ ਹਿੱਸਾ ਲਿਆ। ਇਸ ਮੌਕੇ ਬੁਲਾਰਿਆਂ ਨੇ ਆਪਣੇ ਵਿਚਾਰ ਸਾਂਝੇ ਕੀਤੇ ਅਤੇ ਪ੍ਰਬੰਧਕਾਂ ਵਲੋਂ ਆਏ ਹੋਏ ਮਹਿਮਾਨਾਂ ਦਾ ਸਨਮਾਨ ਕੀਤਾ ਗਿਆ। ਇਸ ਮੌਕੇ ਪਿੰਡ ਦੇ ਪਤਵੰਤੇ ਸੱਜਣ, ਸਕੂਲ ਦੇ ਵਿਦਿਆਰਥੀ, ਅਧਿਆਪਕ ਅਤੇ ਇਲਾਕਾ ਨਿਵਾਸੀ ਵੀ ਹਾਜ਼ਰ ਸਨ। ਸਮਾਗਮ ਦੌਰਾਨ ਕਈ ਅਹਿਮ ਮਤੇ ਪਾਸ ਕੀਤੇ ਗਏ ਅਤੇ ਆਉਣ ਵਾਲੇ ਸਮੇਂ ਵਿਚ ਹੋਰ ਪ੍ਰੋਗਰਾਮ ਕਰਵਾਉਣ ਦਾ ਫ਼ੈਸਲਾ ਲਿਆ ਗਿਆ।
ਰਾਜਪਾਲ ਸਿੰਘ ਦੇ ਪਰਿਵਾਰ ਨਾਲ ਦੁੱਖ ਸਾਂਝਾ ਕਰਦੇ ਹੋਏ।
ਰਾਜਪਾਲ ਸਿੰਘ ਨੂੰ ਸਦਮਾ, ਪਿਤਾ ਦਾ ਦਿਹਾਂਤ
ਫ਼ਿਰੋਜ਼ਪੁਰ, 10 ਮਾਰਚ (ਪ੍ਰਤੀਨਿਧ)- ਇਲਾਕੇ ਦੀਆਂ ਵੱਖ ਵੱਖ ਸਮਾਜਿਕ ਤੇ ਧਾਰਮਿਕ ਜਥੇਬੰਦੀਆਂ ਵਲੋਂ ਕਰਵਾਏ ਗਏ ਸਮਾਗਮ ਵਿਚ ਵੱਡੀ ਗਿਣਤੀ ਵਿਚ ਲੋਕਾਂ ਨੇ ਹਿੱਸਾ ਲਿਆ। ਇਸ ਮੌਕੇ ਬੁਲਾਰਿਆਂ ਨੇ ਆਪਣੇ ਵਿਚਾਰ ਸਾਂਝੇ ਕੀਤੇ ਅਤੇ ਪ੍ਰਬੰਧਕਾਂ ਵਲੋਂ ਆਏ ਹੋਏ ਮਹਿਮਾਨਾਂ ਦਾ ਸਨਮਾਨ ਕੀਤਾ ਗਿਆ। ਇਸ ਮੌਕੇ ਪਿੰਡ ਦੇ ਪਤਵੰਤੇ ਸੱਜਣ, ਸਕੂਲ ਦੇ ਵਿਦਿਆਰਥੀ, ਅਧਿਆਪਕ ਅਤੇ ਇਲਾਕਾ ਨਿਵਾਸੀ ਵੀ ਹਾਜ਼ਰ ਸਨ। ਸਮਾਗਮ ਦੌਰਾਨ ਕਈ ਅਹਿਮ ਮਤੇ ਪਾਸ ਕੀਤੇ ਗਏ ਅਤੇ ਆਉਣ ਵਾਲੇ ਸਮੇਂ ਵਿਚ ਹੋਰ ਪ੍ਰੋਗਰਾਮ ਕਰਵਾਉਣ ਦਾ ਫ਼ੈਸਲਾ ਲਿਆ ਗਿਆ।
ਫ਼ਿਰੋਜ਼ਪੁਰ, 10 ਮਾਰਚ (ਪ੍ਰਤੀਨਿਧ)- ਇਲਾਕੇ ਦੀਆਂ ਵੱਖ ਵੱਖ ਸਮਾਜਿਕ ਤੇ ਧਾਰਮਿਕ ਜਥੇਬੰਦੀਆਂ ਵਲੋਂ ਕਰਵਾਏ ਗਏ ਸਮਾਗਮ ਵਿਚ ਵੱਡੀ ਗਿਣਤੀ ਵਿਚ ਲੋਕਾਂ ਨੇ ਹਿੱਸਾ ਲਿਆ। ਇਸ ਮੌਕੇ ਬੁਲਾਰਿਆਂ ਨੇ ਆਪਣੇ ਵਿਚਾਰ ਸਾਂਝੇ ਕੀਤੇ ਅਤੇ ਪ੍ਰਬੰਧਕਾਂ ਵਲੋਂ ਆਏ ਹੋਏ ਮਹਿਮਾਨਾਂ ਦਾ ਸਨਮਾਨ ਕੀਤਾ ਗਿਆ। ਇਸ ਮੌਕੇ ਪਿੰਡ ਦੇ ਪਤਵੰਤੇ ਸੱਜਣ, ਸਕੂਲ ਦੇ ਵਿਦਿਆਰਥੀ, ਅਧਿਆਪਕ ਅਤੇ ਇਲਾਕਾ ਨਿਵਾਸੀ ਵੀ ਹਾਜ਼ਰ ਸਨ। ਸਮਾਗਮ ਦੌਰਾਨ ਕਈ ਅਹਿਮ ਮਤੇ ਪਾਸ ਕੀਤੇ ਗਏ ਅਤੇ ਆਉਣ ਵਾਲੇ ਸਮੇਂ ਵਿਚ ਹੋਰ ਪ੍ਰੋਗਰਾਮ ਕਰਵਾਉਣ ਦਾ ਫ਼ੈਸਲਾ ਲਿਆ ਗਿਆ।
